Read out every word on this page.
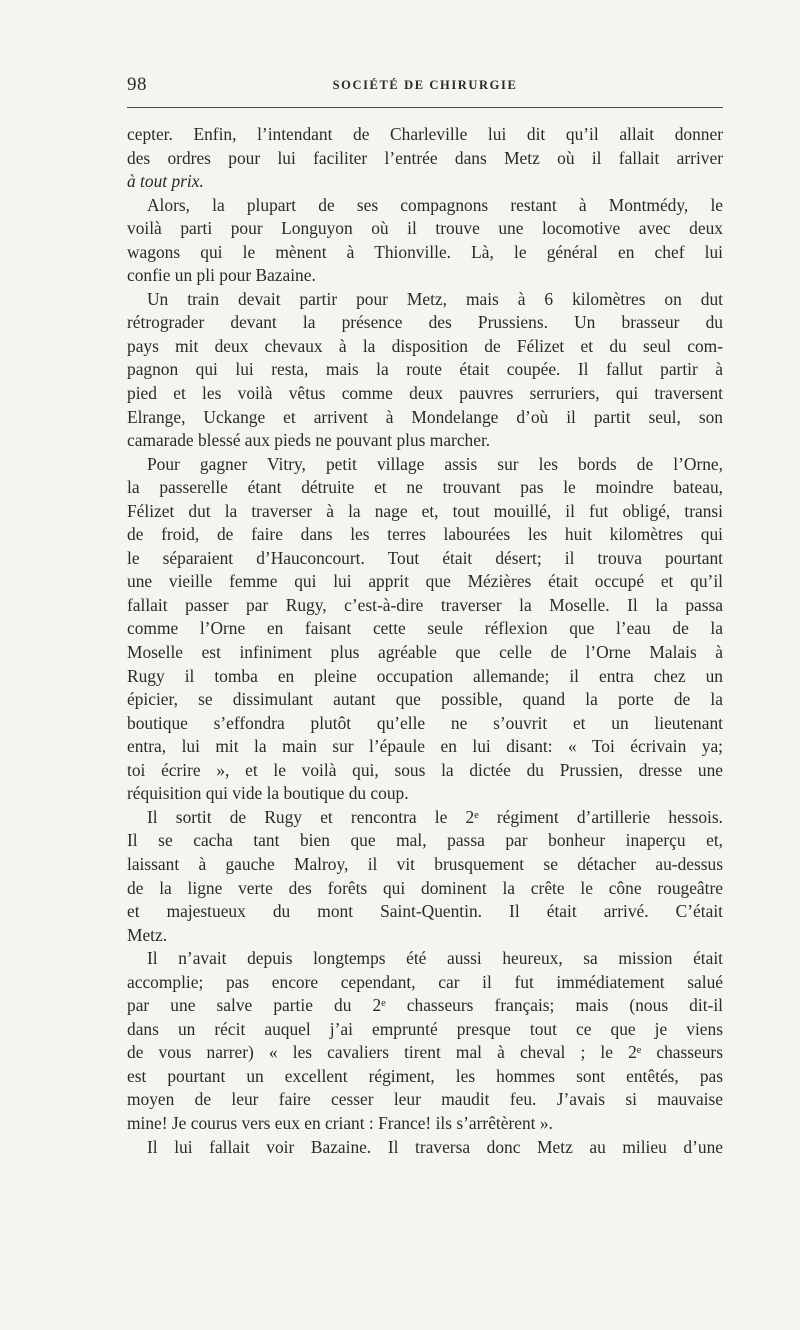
98	SOCIÉTÉ DE CHIRURGIE
cepter. Enfin, l’intendant de Charleville lui dit qu’il allait donner
des ordres pour lui faciliter l’entrée dans Metz où il fallait arriver
à tout prix.
Alors, la plupart de ses compagnons restant à Montmédy, le
voilà parti pour Longuyon où il trouve une locomotive avec deux
wagons qui le mènent à Thionville. Là, le général en chef lui
confie un pli pour Bazaine.
Un train devait partir pour Metz, mais à 6 kilomètres on dut
rétrograder devant la présence des Prussiens. Un brasseur du
pays mit deux chevaux à la disposition de Félizet et du seul com-
pagnon qui lui resta, mais la route était coupée. Il fallut partir à
pied et les voilà vêtus comme deux pauvres serruriers, qui traversent
Elrange, Uckange et arrivent à Mondelange d’où il partit seul, son
camarade blessé aux pieds ne pouvant plus marcher.
Pour gagner Vitry, petit village assis sur les bords de l’Orne,
la passerelle étant détruite et ne trouvant pas le moindre bateau,
Félizet dut la traverser à la nage et, tout mouillé, il fut obligé, transi
de froid, de faire dans les terres labourées les huit kilomètres qui
le séparaient d’Hauconcourt. Tout était désert; il trouva pourtant
une vieille femme qui lui apprit que Mézières était occupé et qu’il
fallait passer par Rugy, c’est-à-dire traverser la Moselle. Il la passa
comme l’Orne en faisant cette seule réflexion que l’eau de la
Moselle est infiniment plus agréable que celle de l’Orne Malais à
Rugy il tomba en pleine occupation allemande; il entra chez un
épicier, se dissimulant autant que possible, quand la porte de la
boutique s’effondra plutôt qu’elle ne s’ouvrit et un lieutenant
entra, lui mit la main sur l’épaule en lui disant: « Toi écrivain ya;
toi écrire », et le voilà qui, sous la dictée du Prussien, dresse une
réquisition qui vide la boutique du coup.
Il sortit de Rugy et rencontra le 2ᵉ régiment d’artillerie hessois.
Il se cacha tant bien que mal, passa par bonheur inaperçu et,
laissant à gauche Malroy, il vit brusquement se détacher au-dessus
de la ligne verte des forêts qui dominent la crête le cône rougeâtre
et majestueux du mont Saint-Quentin. Il était arrivé. C’était
Metz.
Il n’avait depuis longtemps été aussi heureux, sa mission était
accomplie; pas encore cependant, car il fut immédiatement salué
par une salve partie du 2ᵉ chasseurs français; mais (nous dit-il
dans un récit auquel j’ai emprunté presque tout ce que je viens
de vous narrer) « les cavaliers tirent mal à cheval ; le 2ᵉ chasseurs
est pourtant un excellent régiment, les hommes sont entêtés, pas
moyen de leur faire cesser leur maudit feu. J’avais si mauvaise
mine! Je courus vers eux en criant : France! ils s’arrêtèrent ».
Il lui fallait voir Bazaine. Il traversa donc Metz au milieu d’une
